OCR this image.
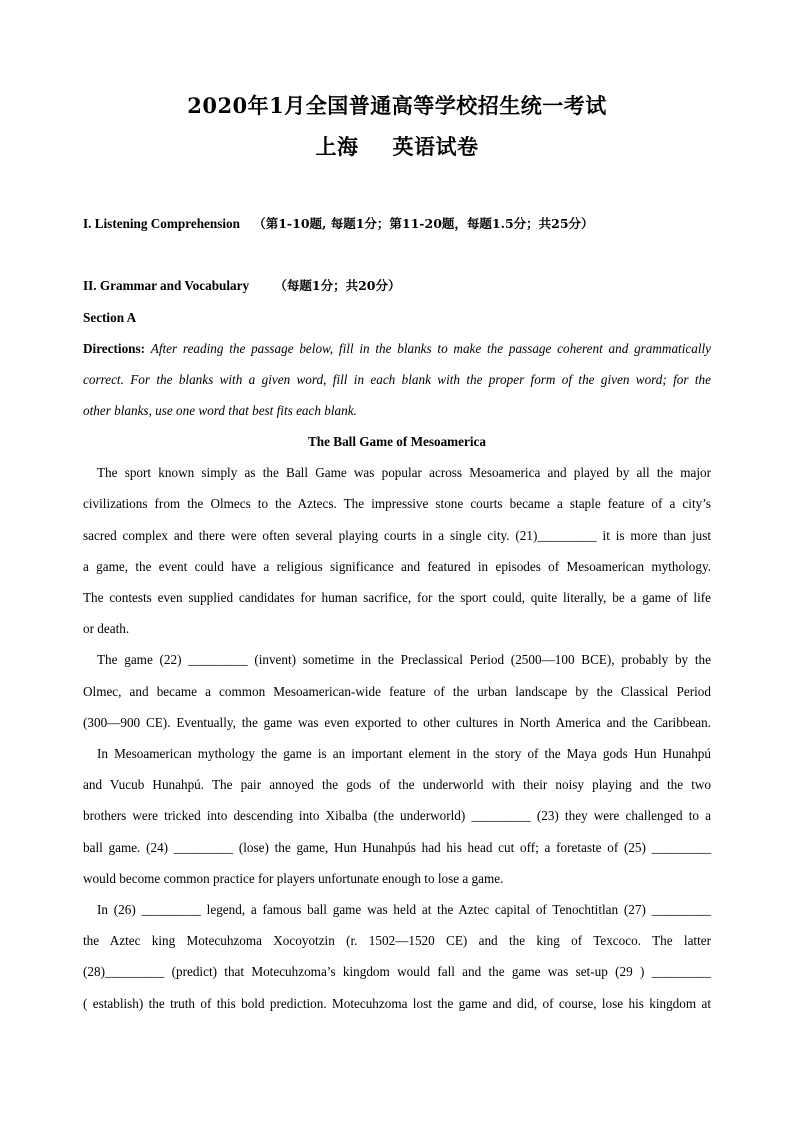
2020年1月全国普通高等学校招生统一考试
上海 英语试卷
I. Listening Comprehension （第1-10题, 每题1分；第11-20题，每题1.5分；共25分）
II. Grammar and Vocabulary （每题1分；共20分）
Section A
Directions: After reading the passage below, fill in the blanks to make the passage coherent and grammatically
correct. For the blanks with a given word, fill in each blank with the proper form of the given word; for the
other blanks, use one word that best fits each blank.
The Ball Game of Mesoamerica
The sport known simply as the Ball Game was popular across Mesoamerica and played by all the major
civilizations from the Olmecs to the Aztecs. The impressive stone courts became a staple feature of a city’s
sacred complex and there were often several playing courts in a single city. (21)_________ it is more than just
a game, the event could have a religious significance and featured in episodes of Mesoamerican mythology.
The contests even supplied candidates for human sacrifice, for the sport could, quite literally, be a game of life
or death.
The game (22) _________ (invent) sometime in the Preclassical Period (2500—100 BCE), probably by the
Olmec, and became a common Mesoamerican-wide feature of the urban landscape by the Classical Period
(300—900 CE). Eventually, the game was even exported to other cultures in North America and the Caribbean.
In Mesoamerican mythology the game is an important element in the story of the Maya gods Hun Hunahpú
and Vucub Hunahpú. The pair annoyed the gods of the underworld with their noisy playing and the two
brothers were tricked into descending into Xibalba (the underworld) _________ (23) they were challenged to a
ball game. (24) _________ (lose) the game, Hun Hunahpús had his head cut off; a foretaste of (25) _________
would become common practice for players unfortunate enough to lose a game.
In (26) _________ legend, a famous ball game was held at the Aztec capital of Tenochtitlan (27) _________
the Aztec king Motecuhzoma Xocoyotzin (r. 1502—1520 CE) and the king of Texcoco. The latter
(28)_________ (predict) that Motecuhzoma’s kingdom would fall and the game was set-up (29 ) _________
( establish) the truth of this bold prediction. Motecuhzoma lost the game and did, of course, lose his kingdom at
